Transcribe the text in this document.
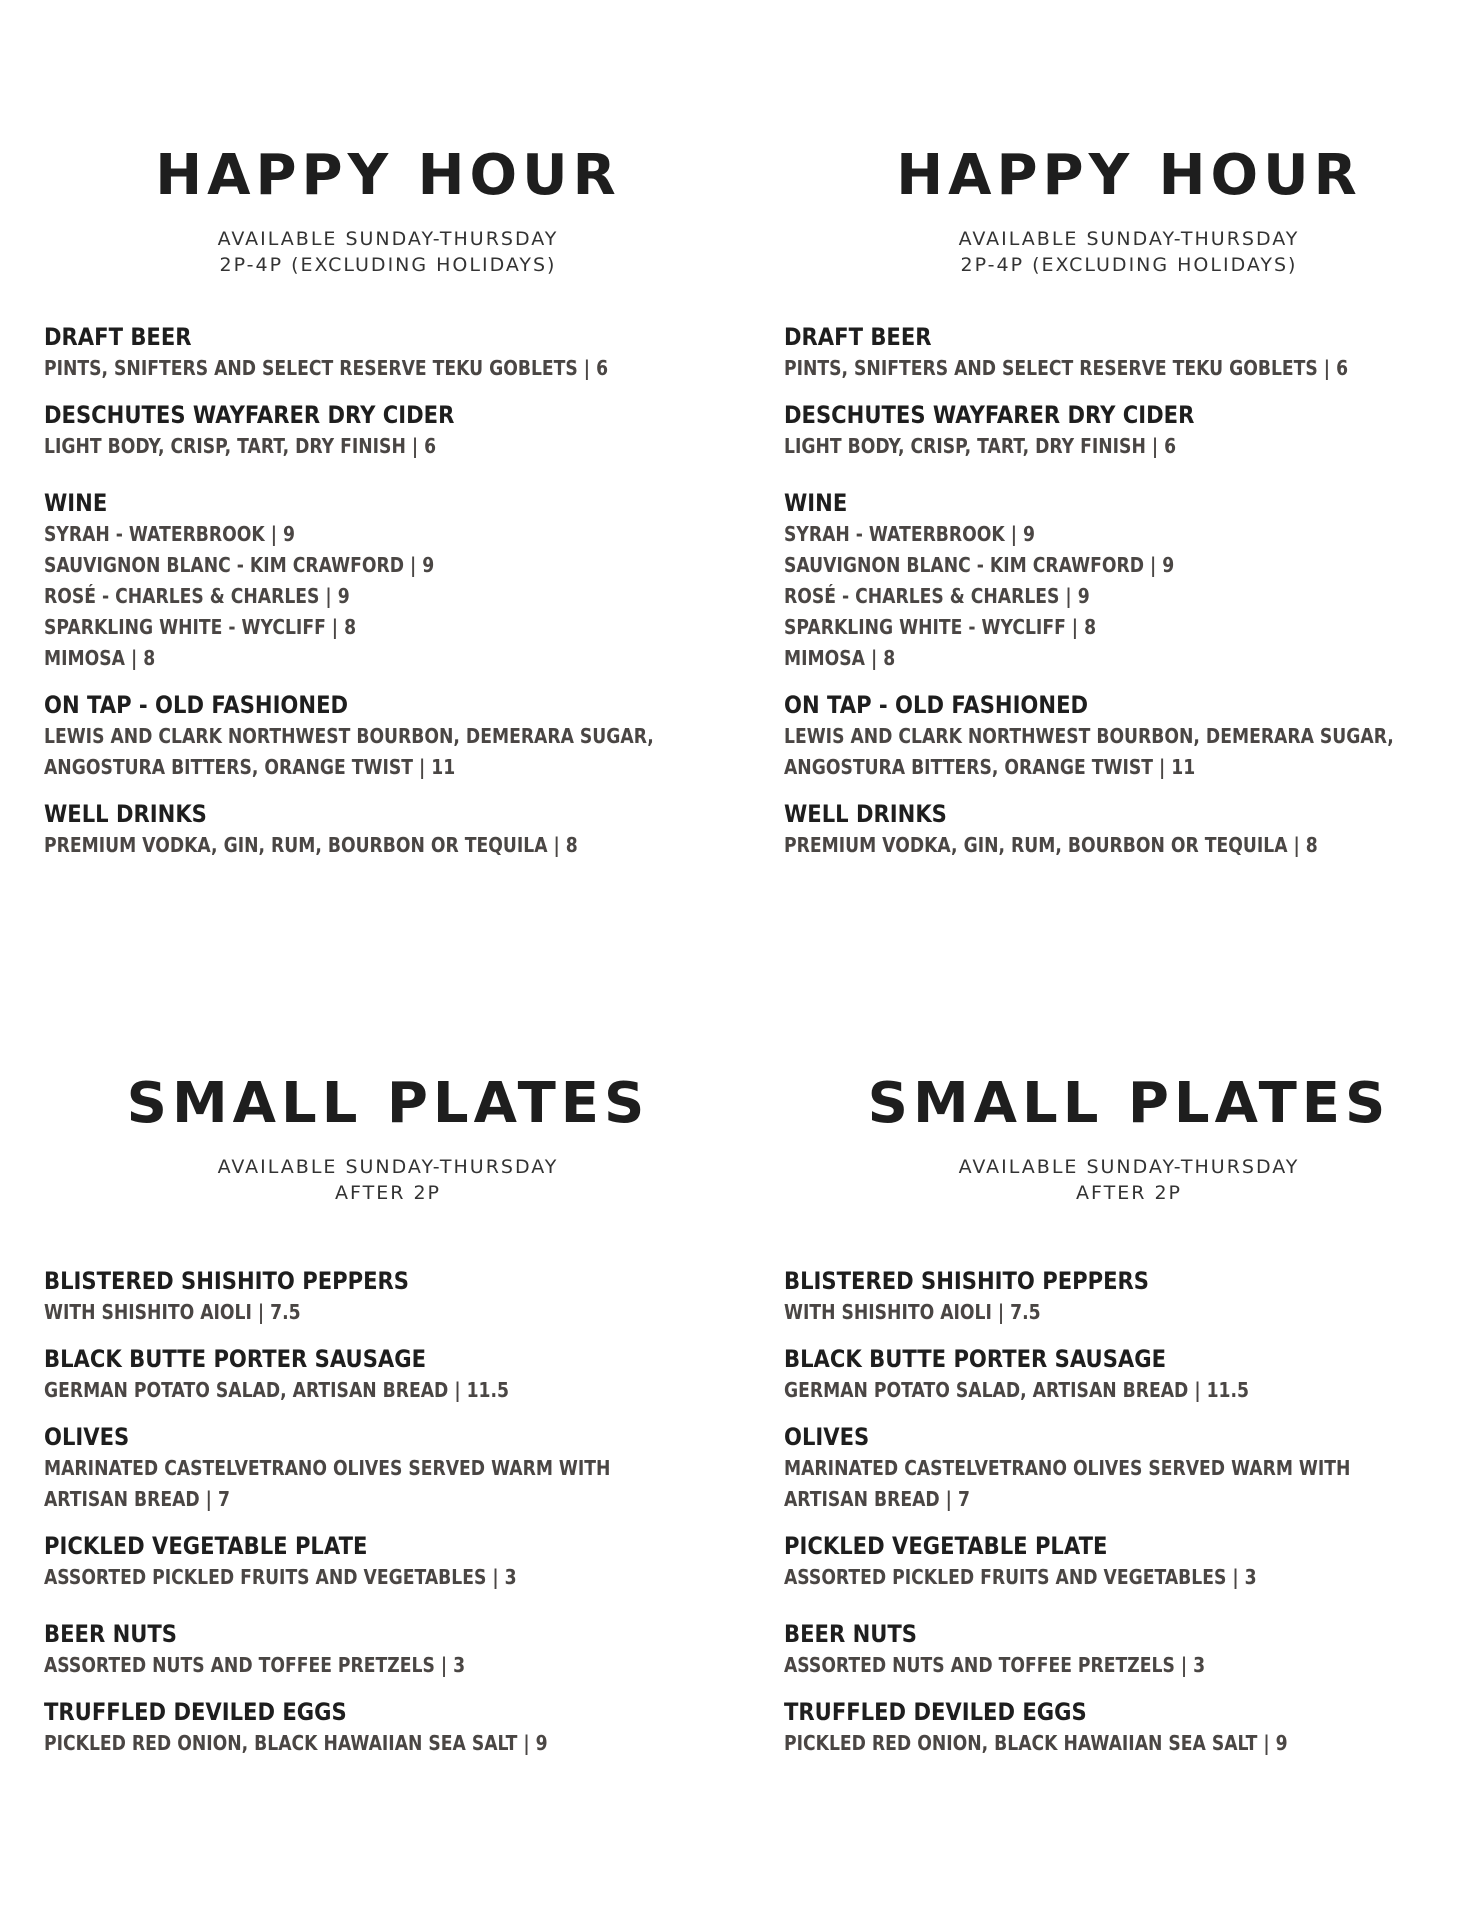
HAPPY HOUR
AVAILABLE SUNDAY-THURSDAY
2P-4P (EXCLUDING HOLIDAYS)
DRAFT BEER
PINTS, SNIFTERS AND SELECT RESERVE TEKU GOBLETS | 6
DESCHUTES WAYFARER DRY CIDER
LIGHT BODY, CRISP, TART, DRY FINISH | 6
WINE
SYRAH - WATERBROOK | 9
SAUVIGNON BLANC - KIM CRAWFORD | 9
ROSÉ - CHARLES & CHARLES | 9
SPARKLING WHITE - WYCLIFF | 8
MIMOSA | 8
ON TAP - OLD FASHIONED
LEWIS AND CLARK NORTHWEST BOURBON, DEMERARA SUGAR,
ANGOSTURA BITTERS, ORANGE TWIST | 11
WELL DRINKS
PREMIUM VODKA, GIN, RUM, BOURBON OR TEQUILA | 8
HAPPY HOUR
AVAILABLE SUNDAY-THURSDAY
2P-4P (EXCLUDING HOLIDAYS)
DRAFT BEER
PINTS, SNIFTERS AND SELECT RESERVE TEKU GOBLETS | 6
DESCHUTES WAYFARER DRY CIDER
LIGHT BODY, CRISP, TART, DRY FINISH | 6
WINE
SYRAH - WATERBROOK | 9
SAUVIGNON BLANC - KIM CRAWFORD | 9
ROSÉ - CHARLES & CHARLES | 9
SPARKLING WHITE - WYCLIFF | 8
MIMOSA | 8
ON TAP - OLD FASHIONED
LEWIS AND CLARK NORTHWEST BOURBON, DEMERARA SUGAR,
ANGOSTURA BITTERS, ORANGE TWIST | 11
WELL DRINKS
PREMIUM VODKA, GIN, RUM, BOURBON OR TEQUILA | 8
SMALL PLATES
AVAILABLE SUNDAY-THURSDAY
AFTER 2P
BLISTERED SHISHITO PEPPERS
WITH SHISHITO AIOLI | 7.5
BLACK BUTTE PORTER SAUSAGE
GERMAN POTATO SALAD, ARTISAN BREAD | 11.5
OLIVES
MARINATED CASTELVETRANO OLIVES SERVED WARM WITH
ARTISAN BREAD | 7
PICKLED VEGETABLE PLATE
ASSORTED PICKLED FRUITS AND VEGETABLES | 3
BEER NUTS
ASSORTED NUTS AND TOFFEE PRETZELS | 3
TRUFFLED DEVILED EGGS
PICKLED RED ONION, BLACK HAWAIIAN SEA SALT | 9
SMALL PLATES
AVAILABLE SUNDAY-THURSDAY
AFTER 2P
BLISTERED SHISHITO PEPPERS
WITH SHISHITO AIOLI | 7.5
BLACK BUTTE PORTER SAUSAGE
GERMAN POTATO SALAD, ARTISAN BREAD | 11.5
OLIVES
MARINATED CASTELVETRANO OLIVES SERVED WARM WITH
ARTISAN BREAD | 7
PICKLED VEGETABLE PLATE
ASSORTED PICKLED FRUITS AND VEGETABLES | 3
BEER NUTS
ASSORTED NUTS AND TOFFEE PRETZELS | 3
TRUFFLED DEVILED EGGS
PICKLED RED ONION, BLACK HAWAIIAN SEA SALT | 9
